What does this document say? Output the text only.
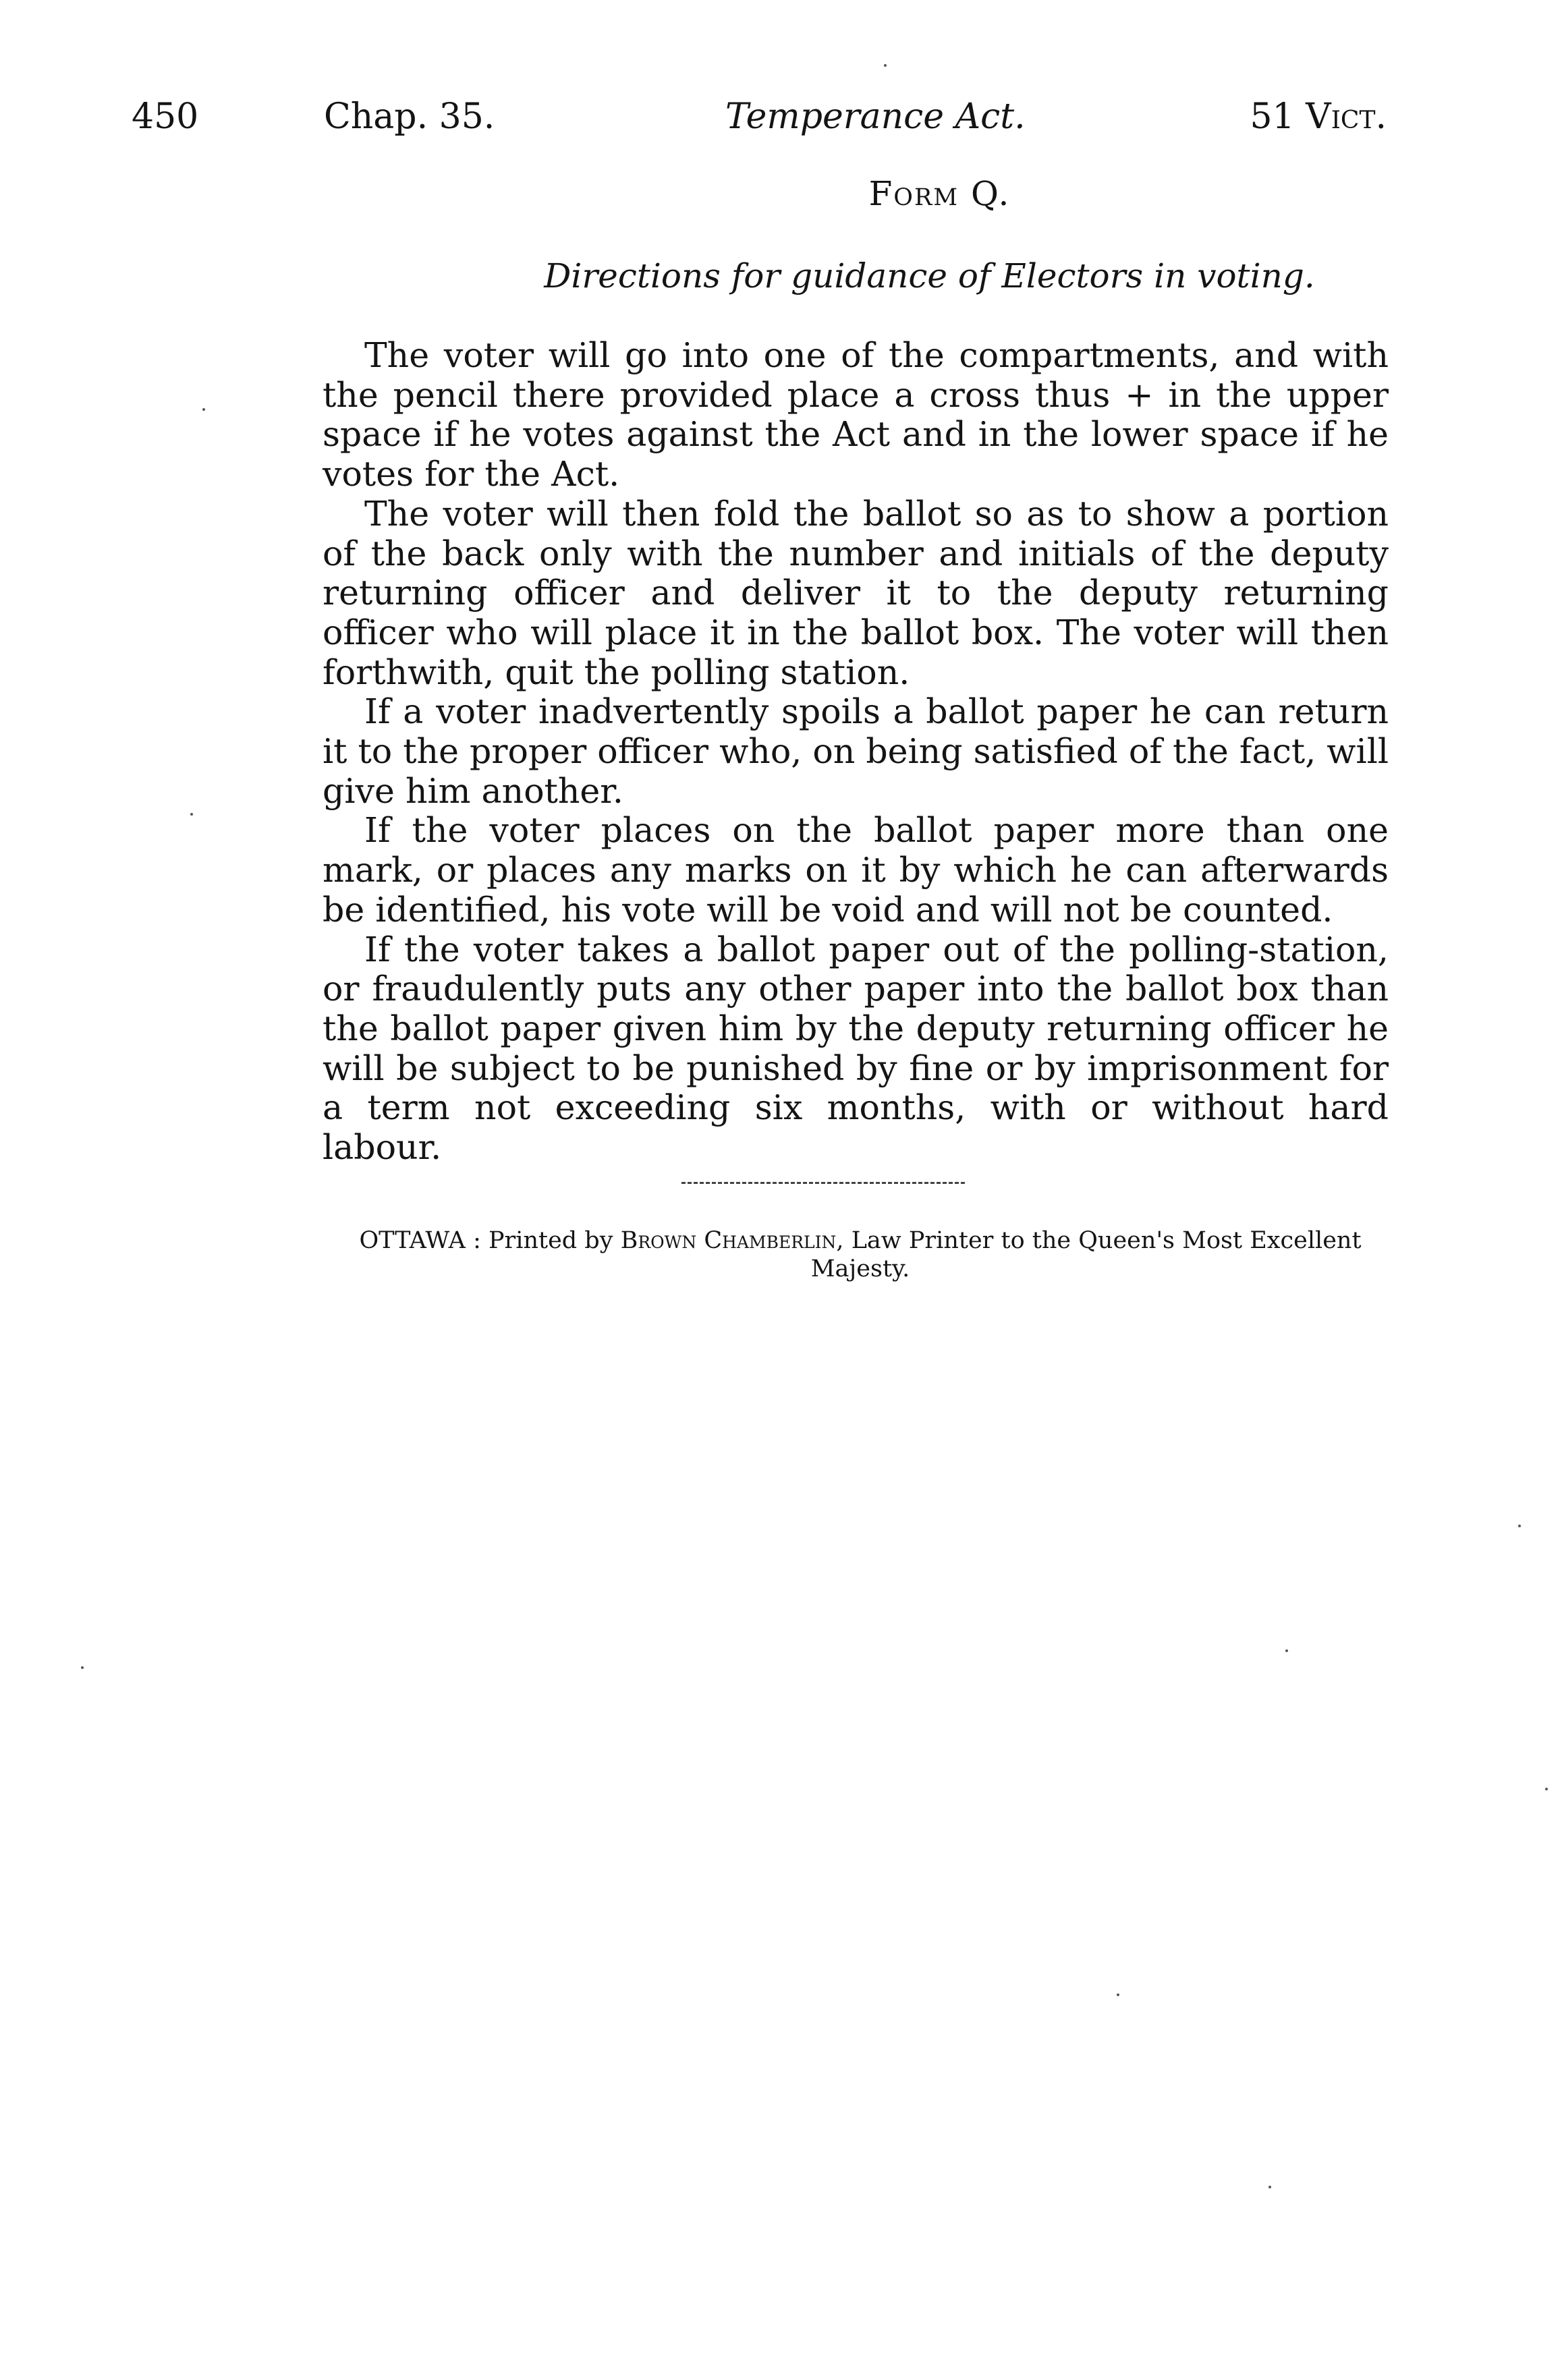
450	Chap. 35.	Temperance Act.	51 Vict.
Form Q.
Directions for guidance of Electors in voting.

The voter will go into one of the compartments, and with the pencil there provided place a cross thus + in the upper space if he votes against the Act and in the lower space if he votes for the Act.

The voter will then fold the ballot so as to show a portion of the back only with the number and initials of the deputy returning officer and deliver it to the deputy returning officer who will place it in the ballot box. The voter will then forthwith, quit the polling station.

If a voter inadvertently spoils a ballot paper he can return it to the proper officer who, on being satisfied of the fact, will give him another.

If the voter places on the ballot paper more than one mark, or places any marks on it by which he can afterwards be identified, his vote will be void and will not be counted.

If the voter takes a ballot paper out of the polling-station, or fraudulently puts any other paper into the ballot box than the ballot paper given him by the deputy returning officer he will be subject to be punished by fine or by imprisonment for a term not exceeding six months, with or without hard labour.

OTTAWA : Printed by Brown Chamberlin, Law Printer to the Queen's Most Excellent Majesty.
